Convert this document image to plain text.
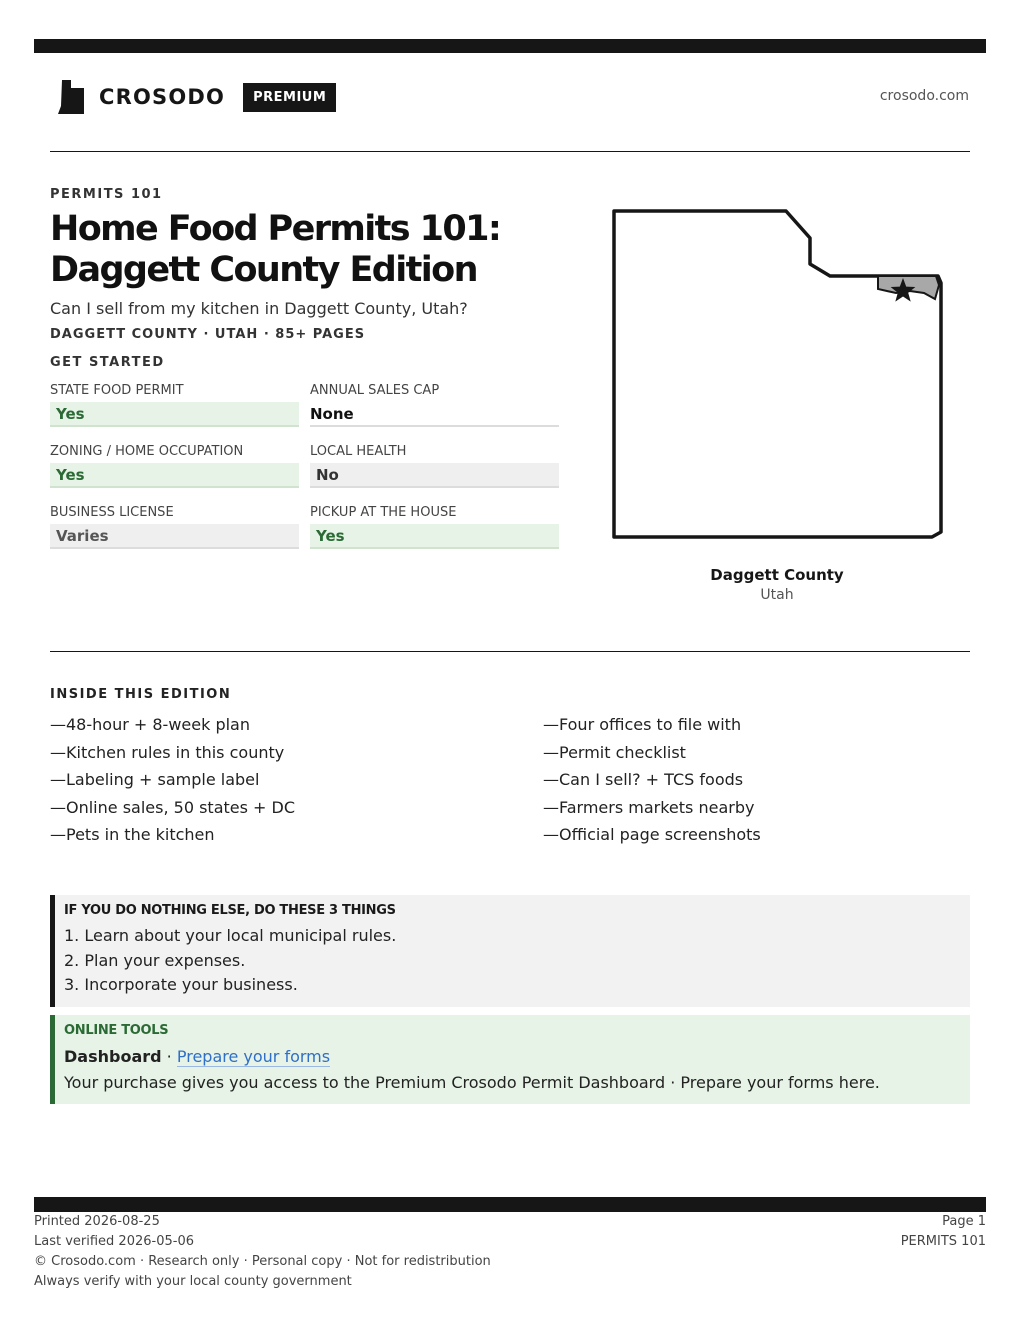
CROSODO	PREMIUM	crosodo.com
PERMITS 101
Home Food Permits 101: Daggett County Edition
Can I sell from my kitchen in Daggett County, Utah?
DAGGETT COUNTY · UTAH · 85+ PAGES
GET STARTED
STATE FOOD PERMIT
Yes
ANNUAL SALES CAP
None
ZONING / HOME OCCUPATION
Yes
LOCAL HEALTH
No
BUSINESS LICENSE
Varies
PICKUP AT THE HOUSE
Yes
Daggett County
Utah
INSIDE THIS EDITION
—48-hour + 8-week plan
—Kitchen rules in this county
—Labeling + sample label
—Online sales, 50 states + DC
—Pets in the kitchen
—Four offices to file with
—Permit checklist
—Can I sell? + TCS foods
—Farmers markets nearby
—Official page screenshots
IF YOU DO NOTHING ELSE, DO THESE 3 THINGS
1. Learn about your local municipal rules.
2. Plan your expenses.
3. Incorporate your business.
ONLINE TOOLS
Dashboard · Prepare your forms
Your purchase gives you access to the Premium Crosodo Permit Dashboard · Prepare your forms here.
Printed 2026-08-25
Last verified 2026-05-06
© Crosodo.com · Research only · Personal copy · Not for redistribution
Always verify with your local county government
Page 1
PERMITS 101
